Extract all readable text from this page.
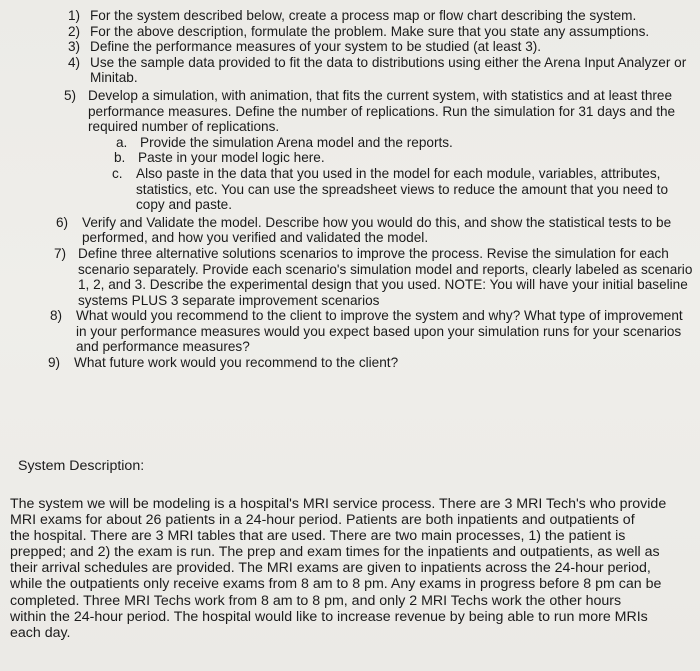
1) For the system described below, create a process map or flow chart describing the system.
2) For the above description, formulate the problem. Make sure that you state any assumptions.
3) Define the performance measures of your system to be studied (at least 3).
4) Use the sample data provided to fit the data to distributions using either the Arena Input Analyzer or Minitab.
5) Develop a simulation, with animation, that fits the current system, with statistics and at least three performance measures. Define the number of replications. Run the simulation for 31 days and the required number of replications.
a. Provide the simulation Arena model and the reports.
b. Paste in your model logic here.
c. Also paste in the data that you used in the model for each module, variables, attributes, statistics, etc. You can use the spreadsheet views to reduce the amount that you need to copy and paste.
6)	Verify and Validate the model. Describe how you would do this, and show the statistical tests to be performed, and how you verified and validated the model.
7) Define three alternative solutions scenarios to improve the process. Revise the simulation for each scenario separately. Provide each scenario's simulation model and reports, clearly labeled as scenario 1, 2, and 3. Describe the experimental design that you used. NOTE: You will have your initial baseline systems PLUS 3 separate improvement scenarios
8)	What would you recommend to the client to improve the system and why? What type of improvement in your performance measures would you expect based upon your simulation runs for your scenarios and performance measures?
9)	What future work would you recommend to the client?
System Description:
The system we will be modeling is a hospital's MRI service process. There are 3 MRI Tech's who provide
MRI exams for about 26 patients in a 24-hour period. Patients are both inpatients and outpatients of
the hospital. There are 3 MRI tables that are used. There are two main processes, 1) the patient is
prepped; and 2) the exam is run. The prep and exam times for the inpatients and outpatients, as well as
their arrival schedules are provided. The MRI exams are given to inpatients across the 24-hour period,
while the outpatients only receive exams from 8 am to 8 pm. Any exams in progress before 8 pm can be
completed. Three MRI Techs work from 8 am to 8 pm, and only 2 MRI Techs work the other hours
within the 24-hour period. The hospital would like to increase revenue by being able to run more MRIs
each day.
